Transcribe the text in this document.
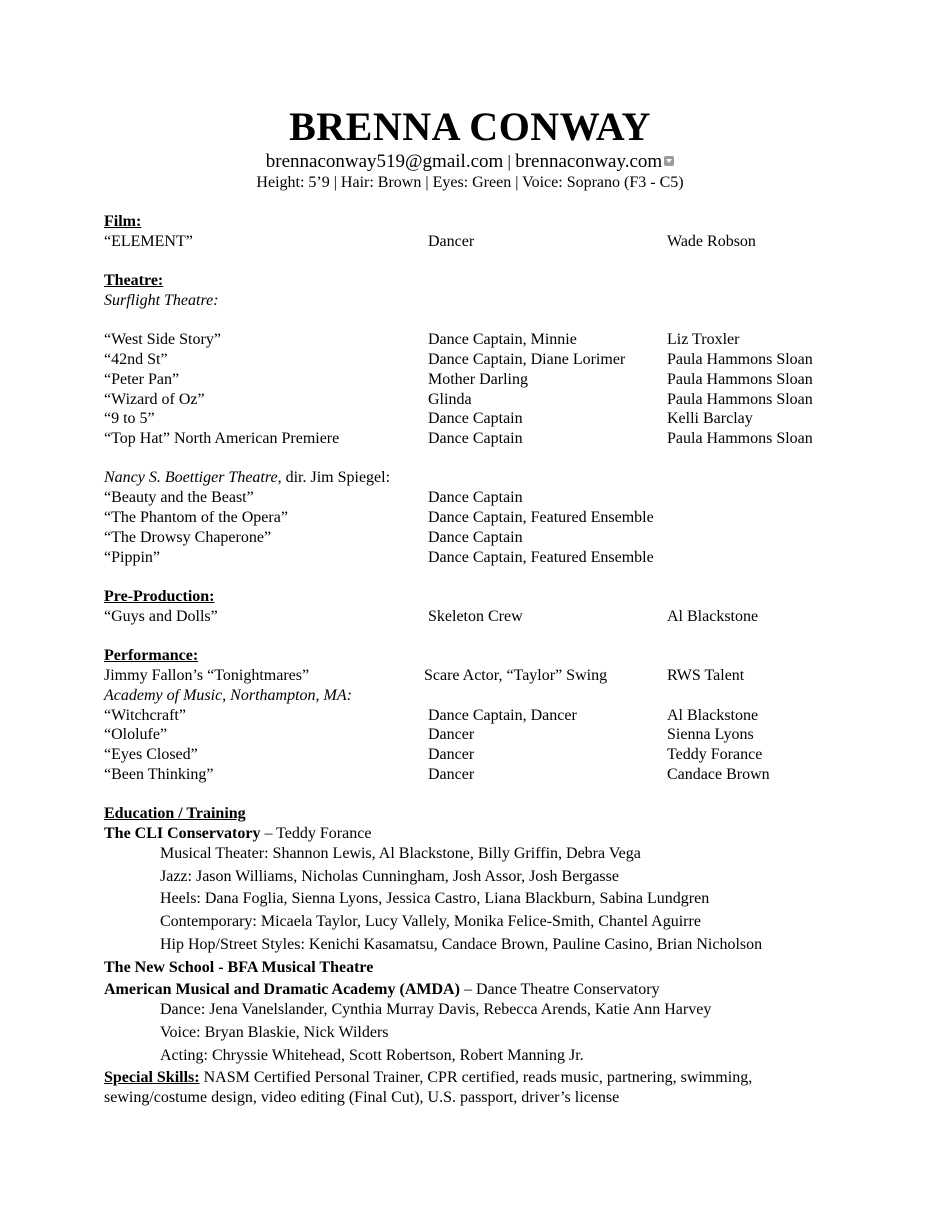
BRENNA CONWAY
brennaconway519@gmail.com | brennaconway.com
Height: 5’9 | Hair: Brown | Eyes: Green | Voice: Soprano (F3 - C5)
Film:
“ELEMENT”	Dancer	Wade Robson
Theatre:
Surflight Theatre:
“West Side Story”	Dance Captain, Minnie	Liz Troxler
“42nd St”	Dance Captain, Diane Lorimer	Paula Hammons Sloan
“Peter Pan”	Mother Darling	Paula Hammons Sloan
“Wizard of Oz”	Glinda	Paula Hammons Sloan
“9 to 5”	Dance Captain	Kelli Barclay
“Top Hat” North American Premiere	Dance Captain	Paula Hammons Sloan
Nancy S. Boettiger Theatre, dir. Jim Spiegel:
“Beauty and the Beast”	Dance Captain
“The Phantom of the Opera”	Dance Captain, Featured Ensemble
“The Drowsy Chaperone”	Dance Captain
“Pippin”	Dance Captain, Featured Ensemble
Pre-Production:
“Guys and Dolls”	Skeleton Crew	Al Blackstone
Performance:
Jimmy Fallon’s “Tonightmares”	Scare Actor, “Taylor” Swing	RWS Talent
Academy of Music, Northampton, MA:
“Witchcraft”	Dance Captain, Dancer	Al Blackstone
“Ololufe”	Dancer	Sienna Lyons
“Eyes Closed”	Dancer	Teddy Forance
“Been Thinking”	Dancer	Candace Brown
Education / Training
The CLI Conservatory – Teddy Forance
Musical Theater: Shannon Lewis, Al Blackstone, Billy Griffin, Debra Vega
Jazz: Jason Williams, Nicholas Cunningham, Josh Assor, Josh Bergasse
Heels: Dana Foglia, Sienna Lyons, Jessica Castro, Liana Blackburn, Sabina Lundgren
Contemporary: Micaela Taylor, Lucy Vallely, Monika Felice-Smith, Chantel Aguirre
Hip Hop/Street Styles: Kenichi Kasamatsu, Candace Brown, Pauline Casino, Brian Nicholson
The New School - BFA Musical Theatre
American Musical and Dramatic Academy (AMDA) – Dance Theatre Conservatory
Dance: Jena Vanelslander, Cynthia Murray Davis, Rebecca Arends, Katie Ann Harvey
Voice: Bryan Blaskie, Nick Wilders
Acting: Chryssie Whitehead, Scott Robertson, Robert Manning Jr.
Special Skills: NASM Certified Personal Trainer, CPR certified, reads music, partnering, swimming, sewing/costume design, video editing (Final Cut), U.S. passport, driver’s license
